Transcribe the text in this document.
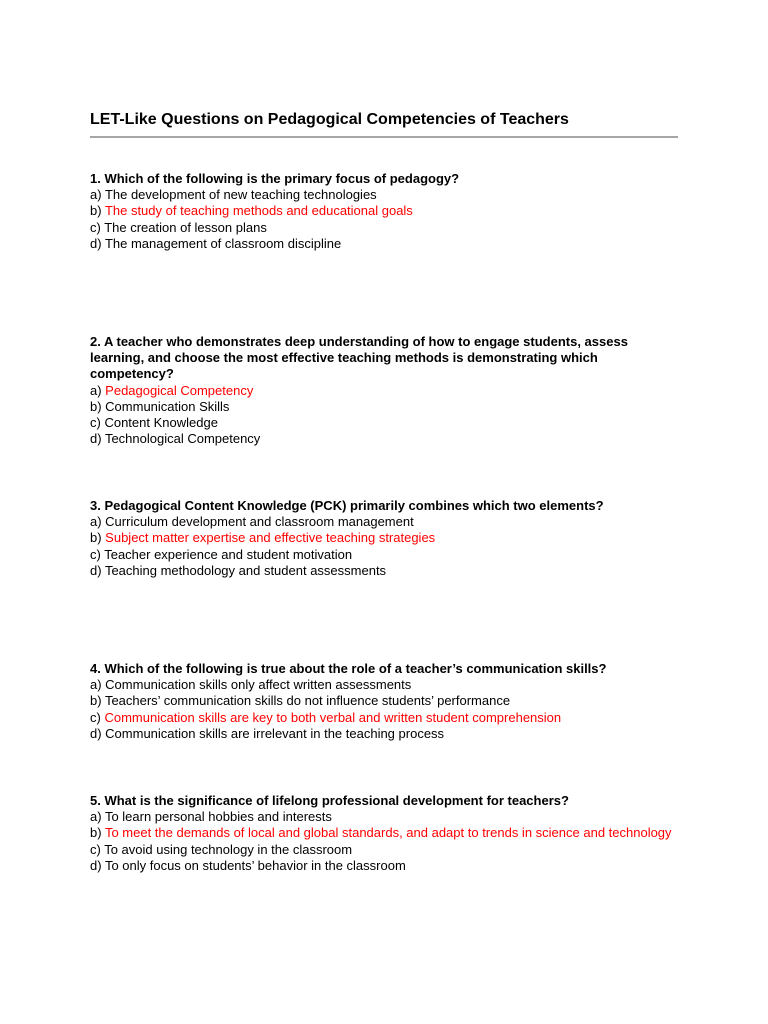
LET-Like Questions on Pedagogical Competencies of Teachers

1. Which of the following is the primary focus of pedagogy?

a) The development of new teaching technologies

b) The study of teaching methods and educational goals

c) The creation of lesson plans

d) The management of classroom discipline

2. A teacher who demonstrates deep understanding of how to engage students, assess learning, and choose the most effective teaching methods is demonstrating which competency?

a) Pedagogical Competency

b) Communication Skills

c) Content Knowledge

d) Technological Competency

3. Pedagogical Content Knowledge (PCK) primarily combines which two elements?

a) Curriculum development and classroom management

b) Subject matter expertise and effective teaching strategies

c) Teacher experience and student motivation

d) Teaching methodology and student assessments

4. Which of the following is true about the role of a teacher’s communication skills?

a) Communication skills only affect written assessments

b) Teachers’ communication skills do not influence students’ performance

c) Communication skills are key to both verbal and written student comprehension

d) Communication skills are irrelevant in the teaching process

5. What is the significance of lifelong professional development for teachers?

a) To learn personal hobbies and interests

b) To meet the demands of local and global standards, and adapt to trends in science and technology

c) To avoid using technology in the classroom

d) To only focus on students’ behavior in the classroom
